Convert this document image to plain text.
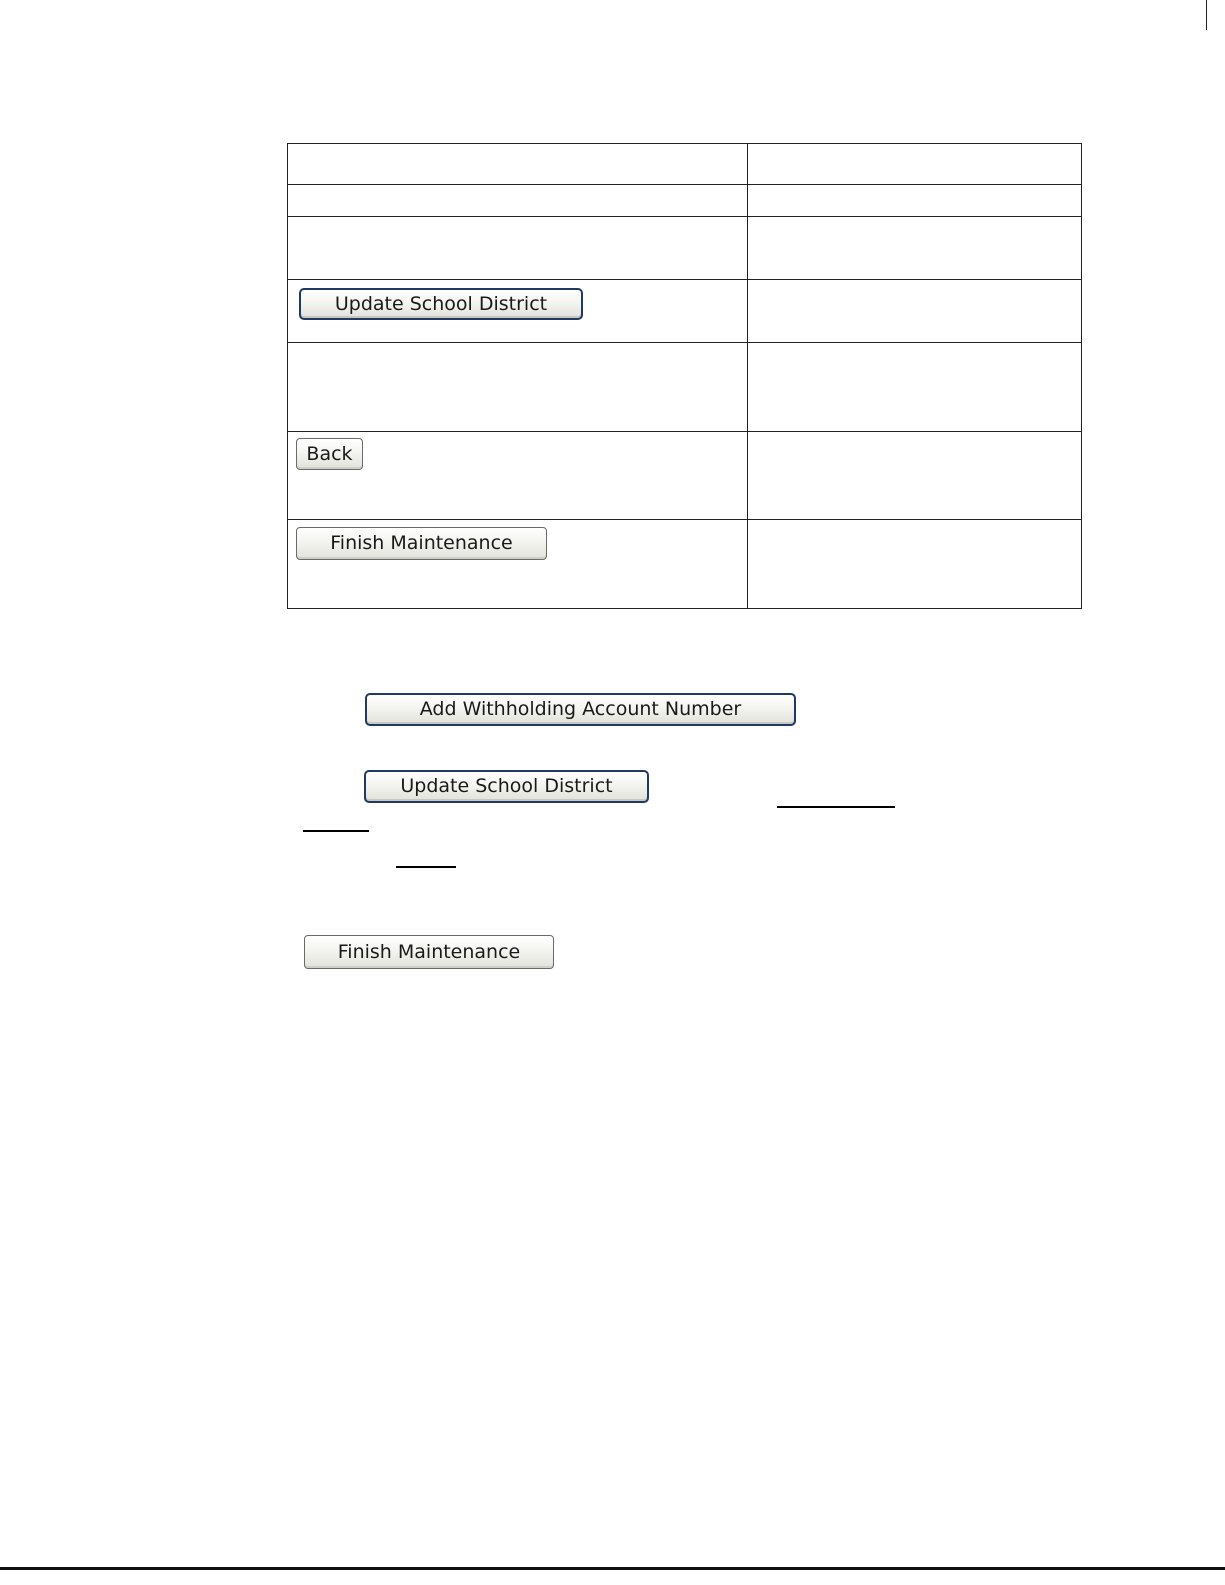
Update School District
Back
Finish Maintenance
Add Withholding Account Number
Update School District
Finish Maintenance
